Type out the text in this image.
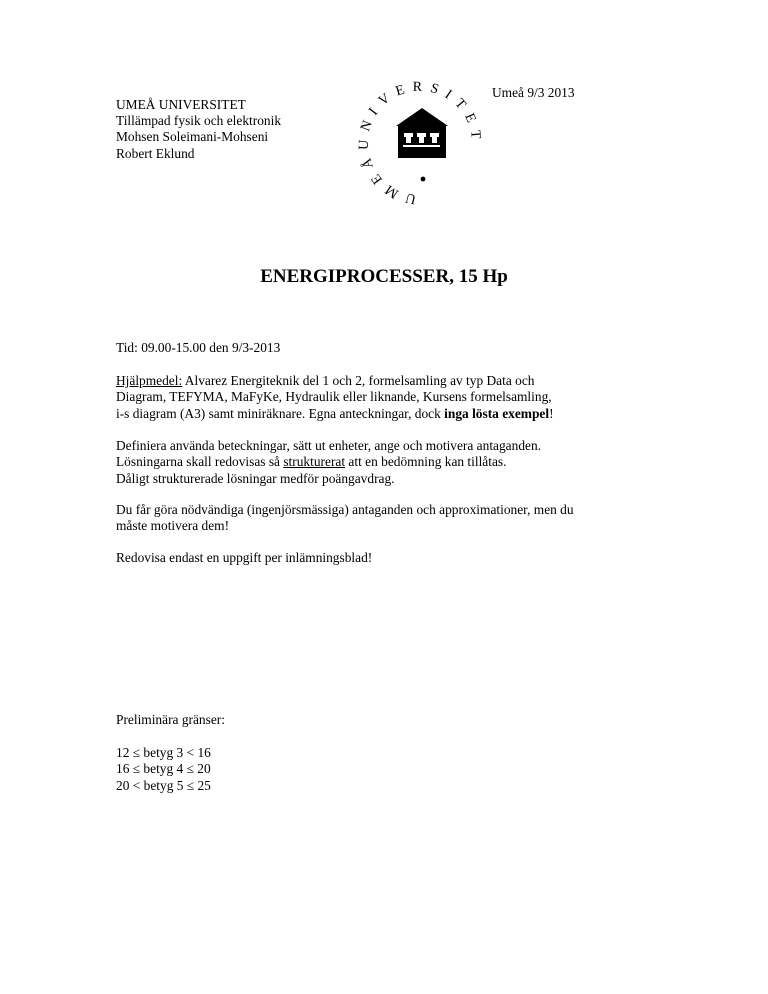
UMEÅ UNIVERSITET
Tillämpad fysik och elektronik
Mohsen Soleimani-Mohseni
Robert Eklund
Umeå 9/3 2013
UMEÅUNIVERSITET
ENERGIPROCESSER, 15 Hp
Tid: 09.00-15.00 den 9/3-2013
Hjälpmedel: Alvarez Energiteknik del 1 och 2, formelsamling av typ Data och
Diagram, TEFYMA, MaFyKe, Hydraulik eller liknande, Kursens formelsamling,
i-s diagram (A3) samt miniräknare. Egna anteckningar, dock inga lösta exempel!
Definiera använda beteckningar, sätt ut enheter, ange och motivera antaganden.
Lösningarna skall redovisas så strukturerat att en bedömning kan tillåtas.
Dåligt strukturerade lösningar medför poängavdrag.
Du får göra nödvändiga (ingenjörsmässiga) antaganden och approximationer, men du
måste motivera dem!
Redovisa endast en uppgift per inlämningsblad!
Preliminära gränser:
12 ≤ betyg 3 < 16
16 ≤ betyg 4 ≤ 20
20 < betyg 5 ≤ 25
